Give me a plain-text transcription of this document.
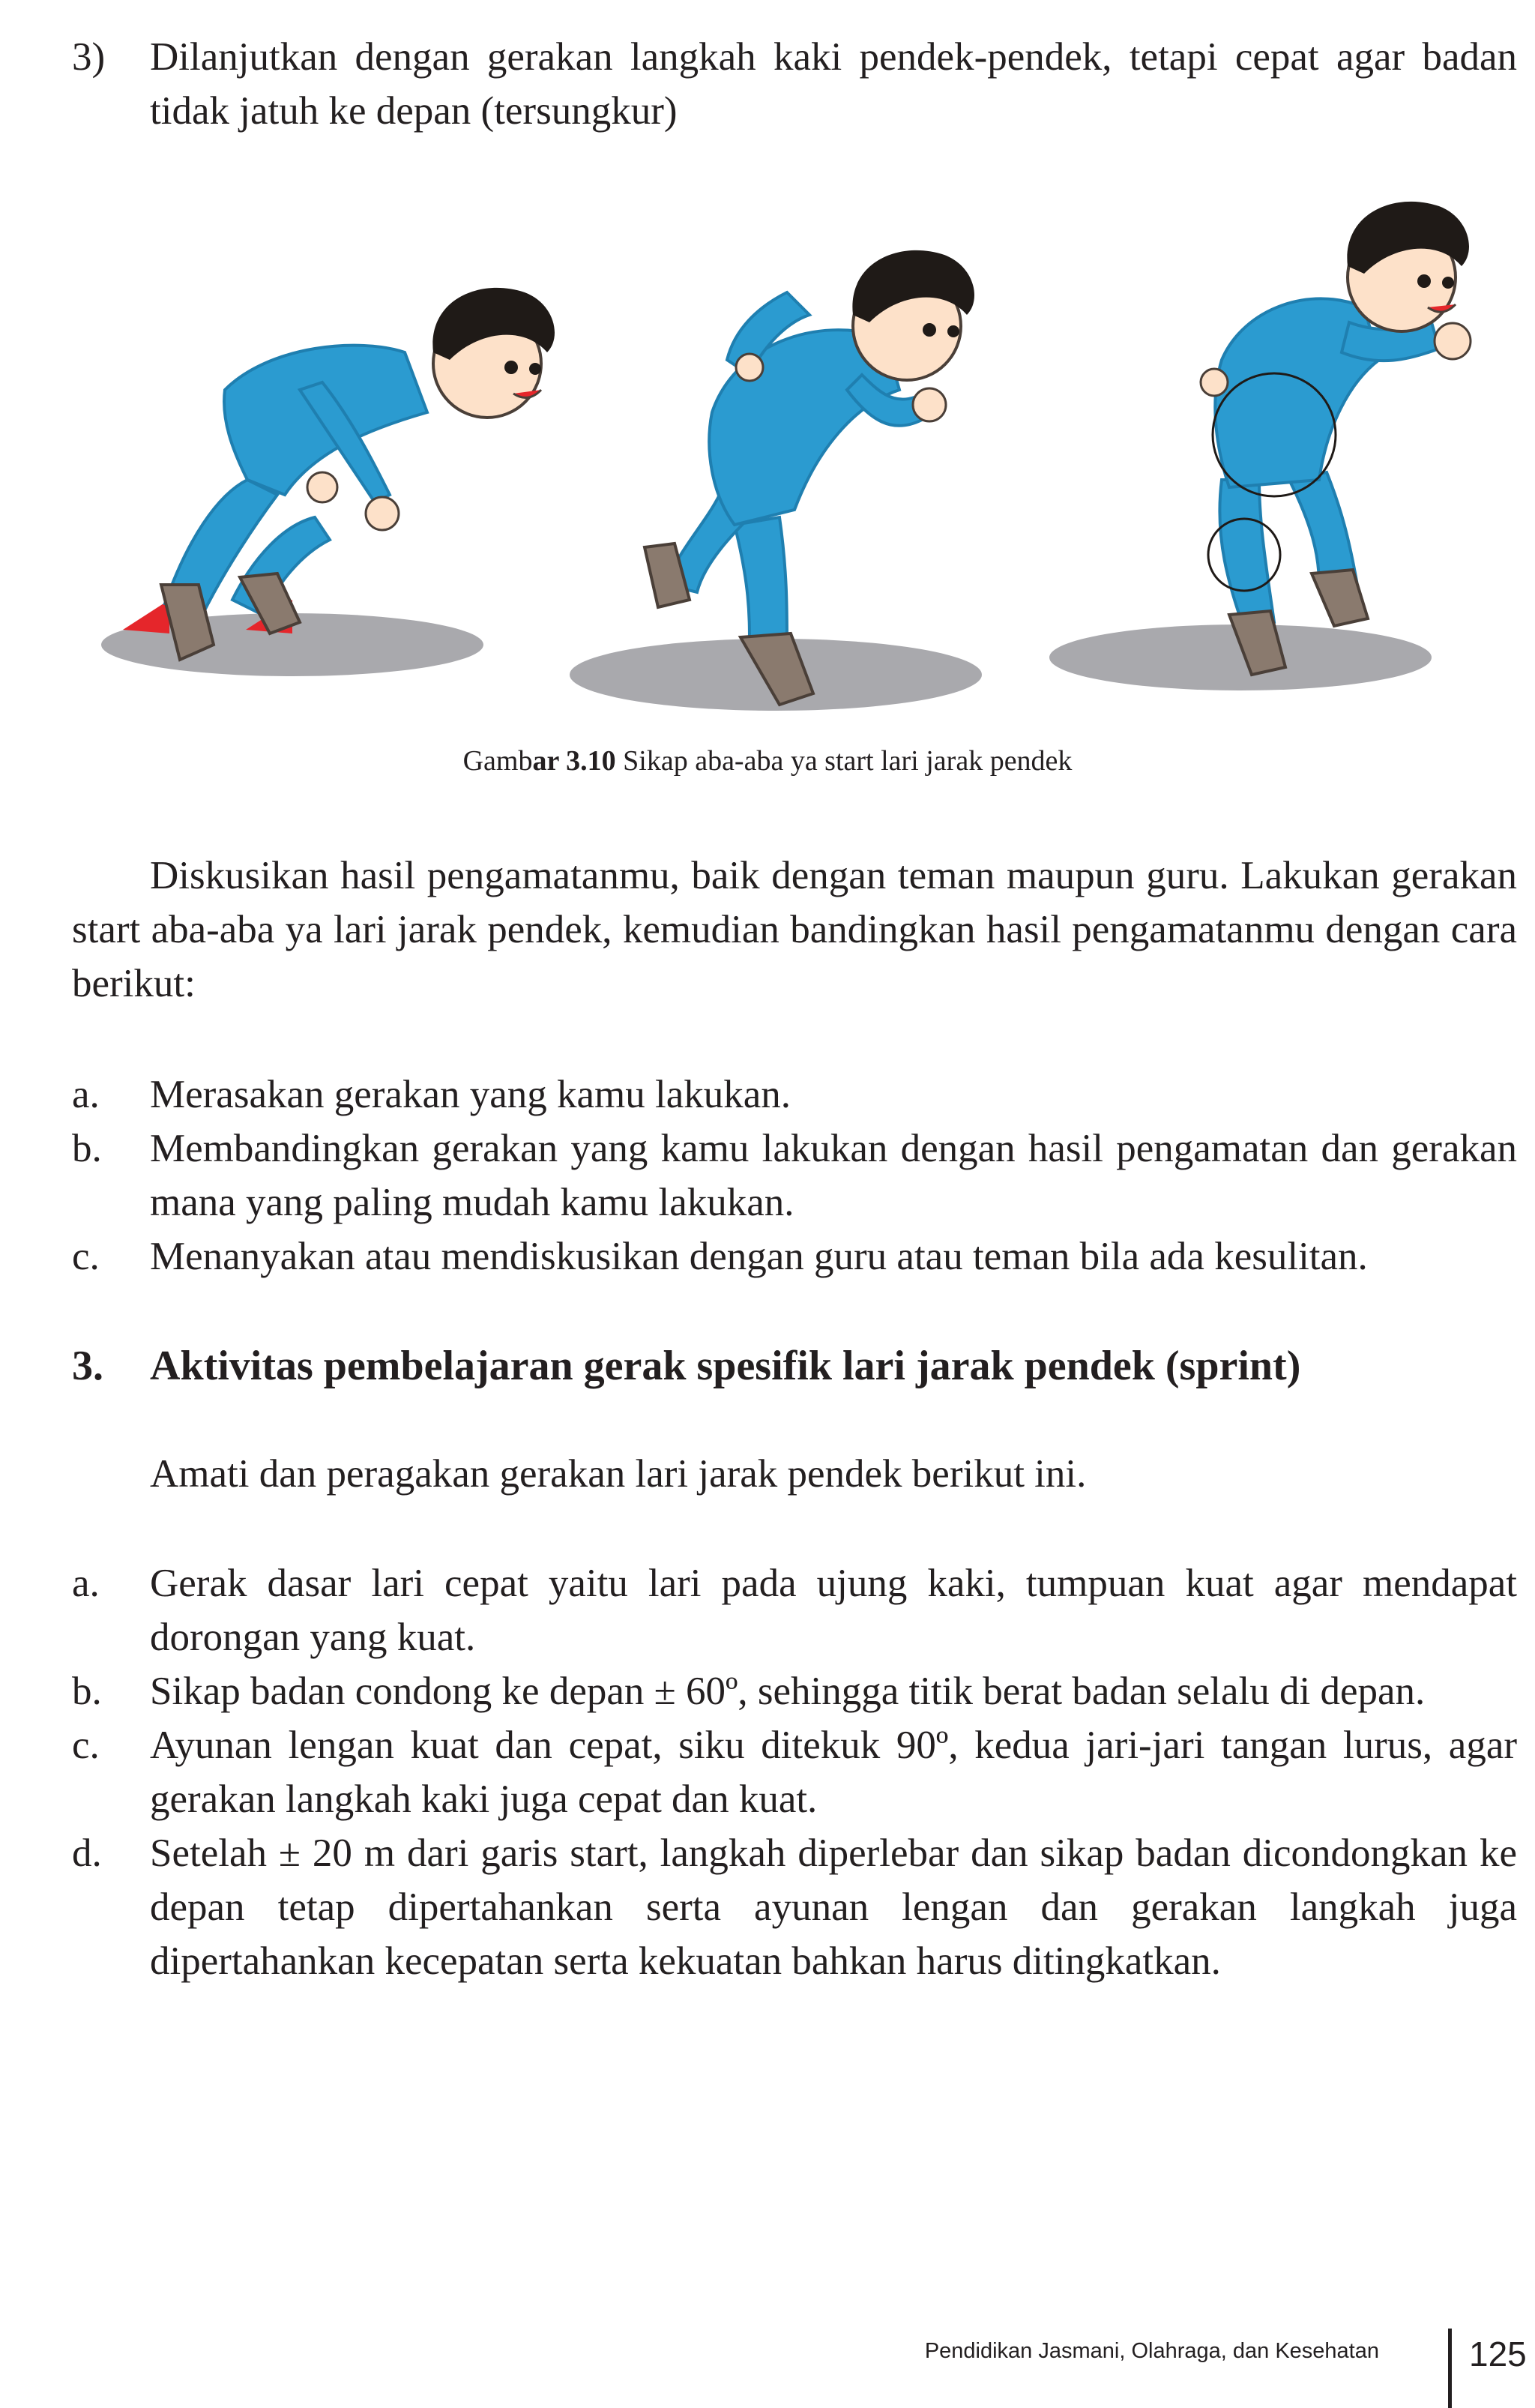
3)	Dilanjutkan dengan gerakan langkah kaki pendek-pendek, tetapi cepat agar badan tidak jatuh ke depan (tersungkur)
Gambar 3.10 Sikap aba-aba ya start lari jarak pendek

Diskusikan hasil pengamatanmu, baik dengan teman maupun guru. Lakukan gerakan start aba-aba ya lari jarak pendek, kemudian bandingkan hasil pengamatanmu dengan cara berikut:

a.	Merasakan gerakan yang kamu lakukan.
b.	Membandingkan gerakan yang kamu lakukan dengan hasil pengamatan dan gerakan mana yang paling mudah kamu lakukan.
c.	Menanyakan atau mendiskusikan dengan guru atau teman bila ada kesulitan.
3. Aktivitas pembelajaran gerak spesifik lari jarak pendek (sprint)

Amati dan peragakan gerakan lari jarak pendek berikut ini.

a.	Gerak dasar lari cepat yaitu lari pada ujung kaki, tumpuan kuat agar mendapat dorongan yang kuat.
b.	Sikap badan condong ke depan ± 60º, sehingga titik berat badan selalu di depan.
c.	Ayunan lengan kuat dan cepat, siku ditekuk 90º, kedua jari-jari tangan lurus, agar gerakan langkah kaki juga cepat dan kuat.
d.	Setelah ± 20 m dari garis start, langkah diperlebar dan sikap badan dicondongkan ke depan tetap dipertahankan serta ayunan lengan dan gerakan langkah juga dipertahankan kecepatan serta kekuatan bahkan harus ditingkatkan.
Pendidikan Jasmani, Olahraga, dan Kesehatan	125
